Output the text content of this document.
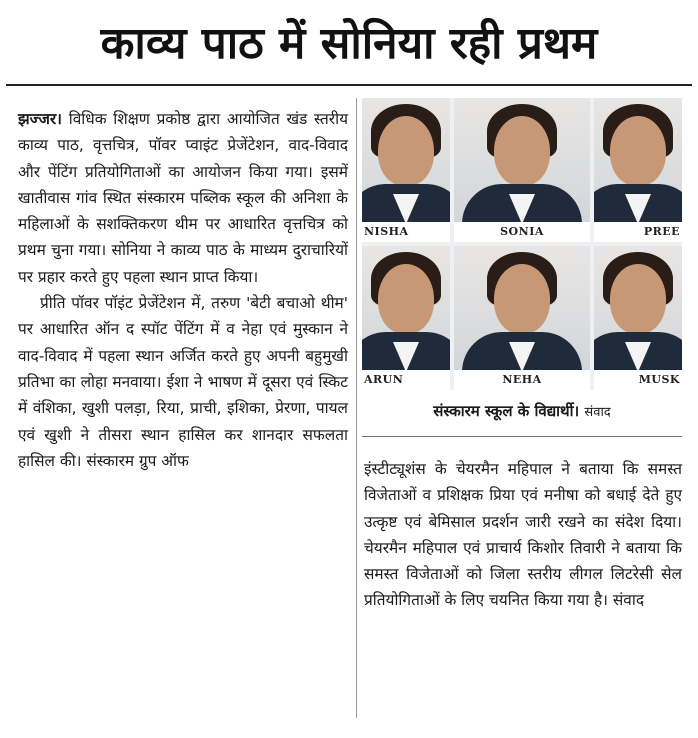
काव्य पाठ में सोनिया रही प्रथम

झज्जर। विधिक शिक्षण प्रकोष्ठ द्वारा आयोजित खंड स्तरीय काव्य पाठ, वृत्तचित्र, पॉवर प्वाइंट प्रेजेंटेशन, वाद-विवाद और पेंटिंग प्रतियोगिताओं का आयोजन किया गया। इसमें खातीवास गांव स्थित संस्कारम पब्लिक स्कूल की अनिशा के महिलाओं के सशक्तिकरण थीम पर आधारित वृत्तचित्र को प्रथम चुना गया। सोनिया ने काव्य पाठ के माध्यम दुराचारियों पर प्रहार करते हुए पहला स्थान प्राप्त किया।

प्रीति पॉवर पॉइंट प्रेजेंटेशन में, तरुण 'बेटी बचाओ थीम' पर आधारित ऑन द स्पॉट पेंटिंग में व नेहा एवं मुस्कान ने वाद-विवाद में पहला स्थान अर्जित करते हुए अपनी बहुमुखी प्रतिभा का लोहा मनवाया। ईशा ने भाषण में दूसरा एवं स्किट में वंशिका, खुशी पलड़ा, रिया, प्राची, इशिका, प्रेरणा, पायल एवं खुशी ने तीसरा स्थान हासिल कर शानदार सफलता हासिल की। संस्कारम ग्रुप ऑफ

NISHA	SONIA	PREE
ARUN	NEHA	MUSK
संस्कारम स्कूल के विद्यार्थी। संवाद

इंस्टीट्यूशंस के चेयरमैन महिपाल ने बताया कि समस्त विजेताओं व प्रशिक्षक प्रिया एवं मनीषा को बधाई देते हुए उत्कृष्ट एवं बेमिसाल प्रदर्शन जारी रखने का संदेश दिया। चेयरमैन महिपाल एवं प्राचार्य किशोर तिवारी ने बताया कि समस्त विजेताओं को जिला स्तरीय लीगल लिटरेसी सेल प्रतियोगिताओं के लिए चयनित किया गया है। संवाद
